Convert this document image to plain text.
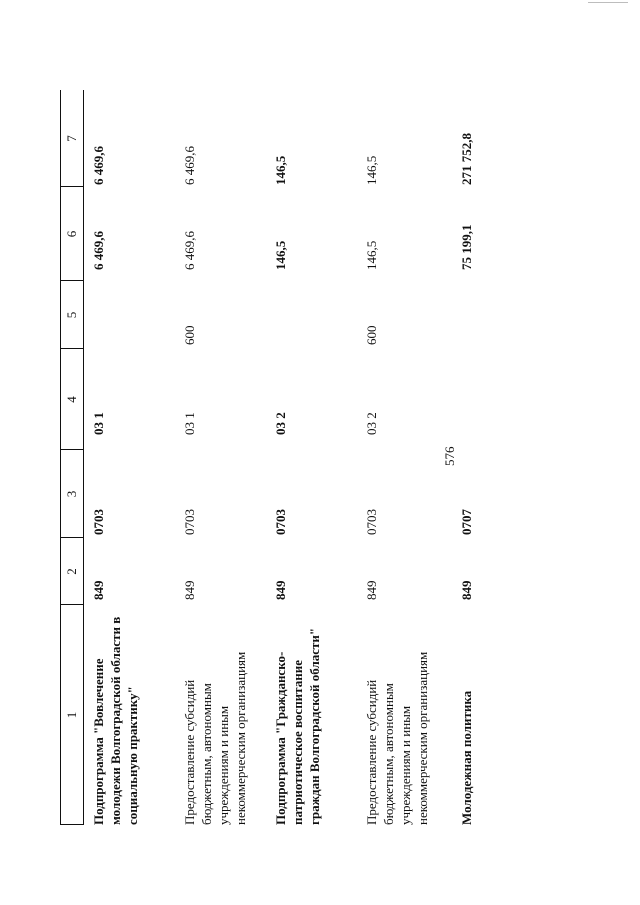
576
1
2
3
4
5
6
7
Подпрограмма "Вовлечение молодежи Волгоградской области в социальную практику"
849
0703
03 1
6 469,6
6 469,6
Предоставление субсидий бюджетным, автономным учреждениям и иным некоммерческим организациям
849
0703
03 1
600
6 469,6
6 469,6
Подпрограмма "Гражданско-патриотическое воспитание граждан Волгоградской области"
849
0703
03 2
146,5
146,5
Предоставление субсидий бюджетным, автономным учреждениям и иным некоммерческим организациям
849
0703
03 2
600
146,5
146,5
Молодежная политика
849
0707
75 199,1
271 752,8
